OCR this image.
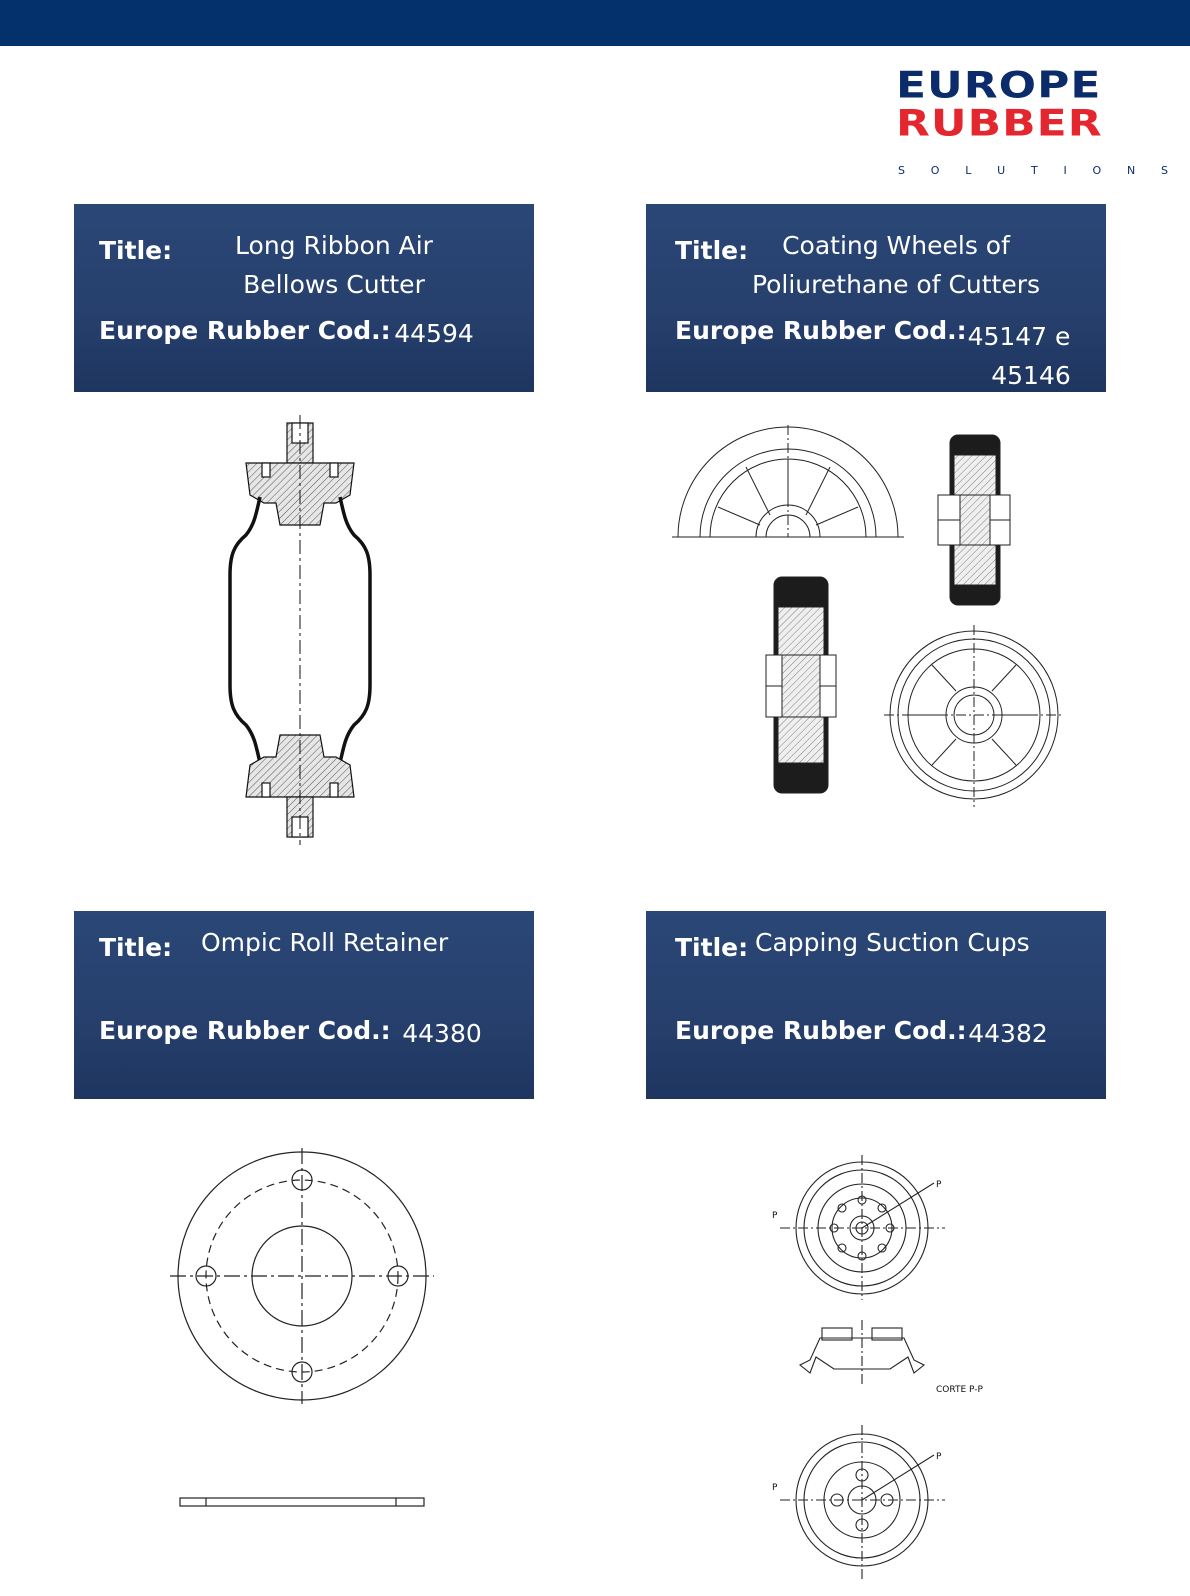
EUROPE
RUBBER
S O L U T I O N S
Title:	Long Ribbon Air
Bellows Cutter
Europe Rubber Cod.: 44594
Title:	Coating Wheels of
Poliurethane of Cutters
Europe Rubber Cod.: 45147 e
45146
Title: Ompic Roll Retainer
Europe Rubber Cod.: 44380
Title: Capping Suction Cups
Europe Rubber Cod.: 44382
CORTE P-P
P
P
P
P
